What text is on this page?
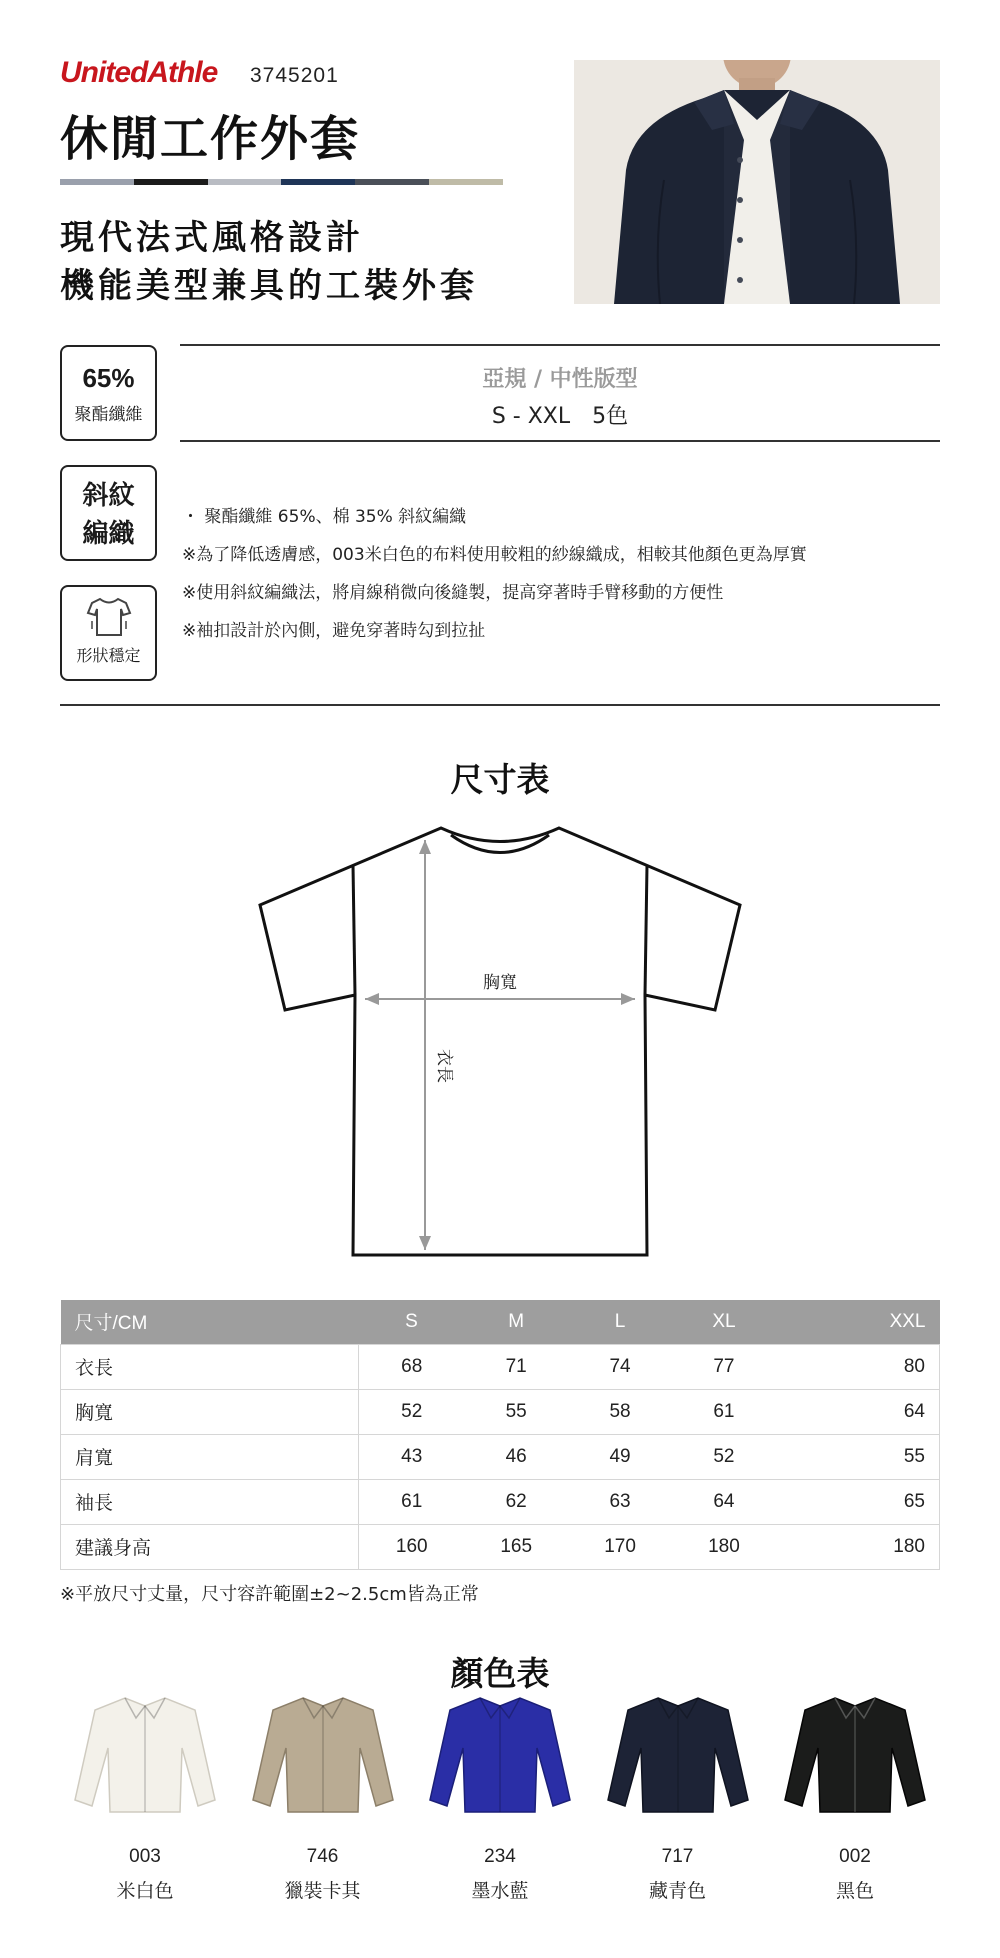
UnitedAthle 3745201
休閒工作外套
現代法式風格設計
機能美型兼具的工裝外套
65%
聚酯纖維
斜紋
編織
形狀穩定
亞規 / 中性版型
S - XXL　5色
・ 聚酯纖維 65%、棉 35% 斜紋編織
※為了降低透膚感，003米白色的布料使用較粗的紗線織成，相較其他顏色更為厚實
※使用斜紋編織法，將肩線稍微向後縫製，提高穿著時手臂移動的方便性
※袖扣設計於內側，避免穿著時勾到拉扯
尺寸表
胸寬
衣長
尺寸/CM	S	M	L	XL	XXL
衣長	68	71	74	77	80
胸寬	52	55	58	61	64
肩寬	43	46	49	52	55
袖長	61	62	63	64	65
建議身高	160	165	170	180	180
※平放尺寸丈量，尺寸容許範圍±2~2.5cm皆為正常
顏色表
003
米白色
746
獵裝卡其
234
墨水藍
717
藏青色
002
黑色
